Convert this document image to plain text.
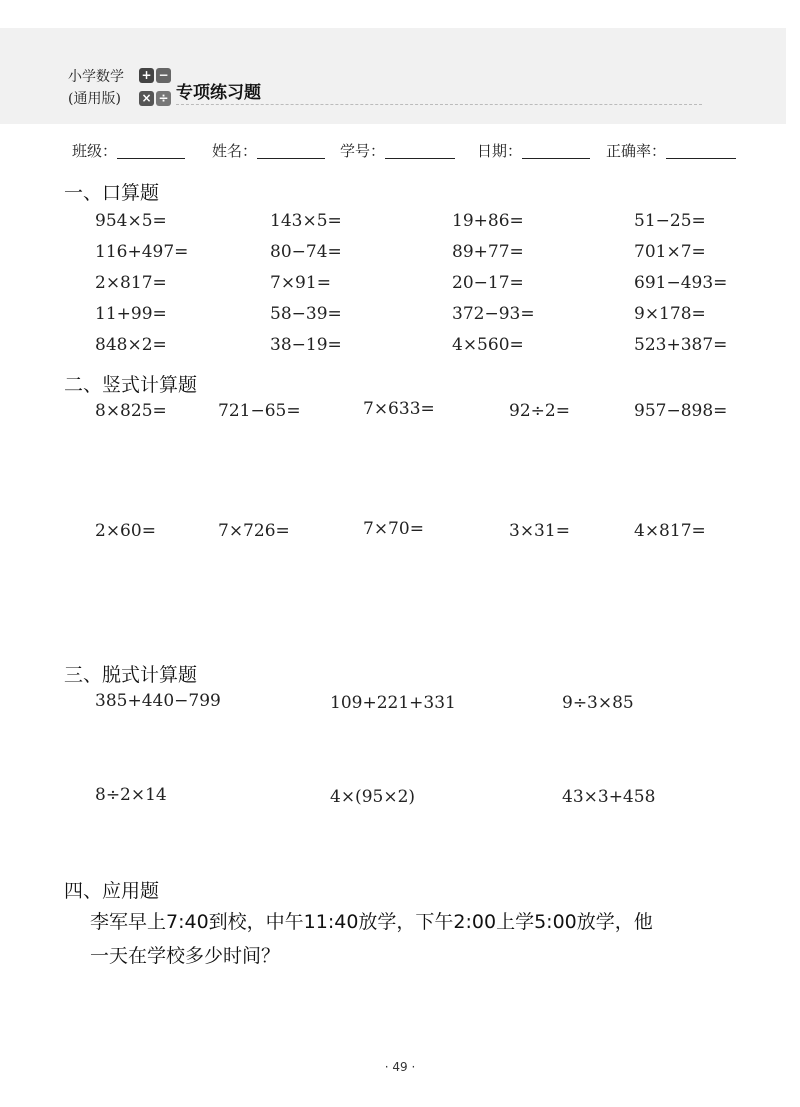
小学数学
(通用版)
+ −
× ÷ 专项练习题
班级：	姓名：	学号：	日期：	正确率：
一、口算题
954×5=	143×5=	19+86=	51−25=
116+497=	80−74=	89+77=	701×7=
2×817=	7×91=	20−17=	691−493=
11+99=	58−39=	372−93=	9×178=
848×2=	38−19=	4×560=	523+387=
二、竖式计算题
8×825=	721−65=	7×633=	92÷2=	957−898=
2×60=	7×726=	7×70=	3×31=	4×817=
三、脱式计算题
385+440−799	109+221+331	9÷3×85
8÷2×14	4×(95×2)	43×3+458
四、应用题
李军早上7:40到校，中午11:40放学，下午2:00上学5:00放学，他
一天在学校多少时间？
· 49 ·
